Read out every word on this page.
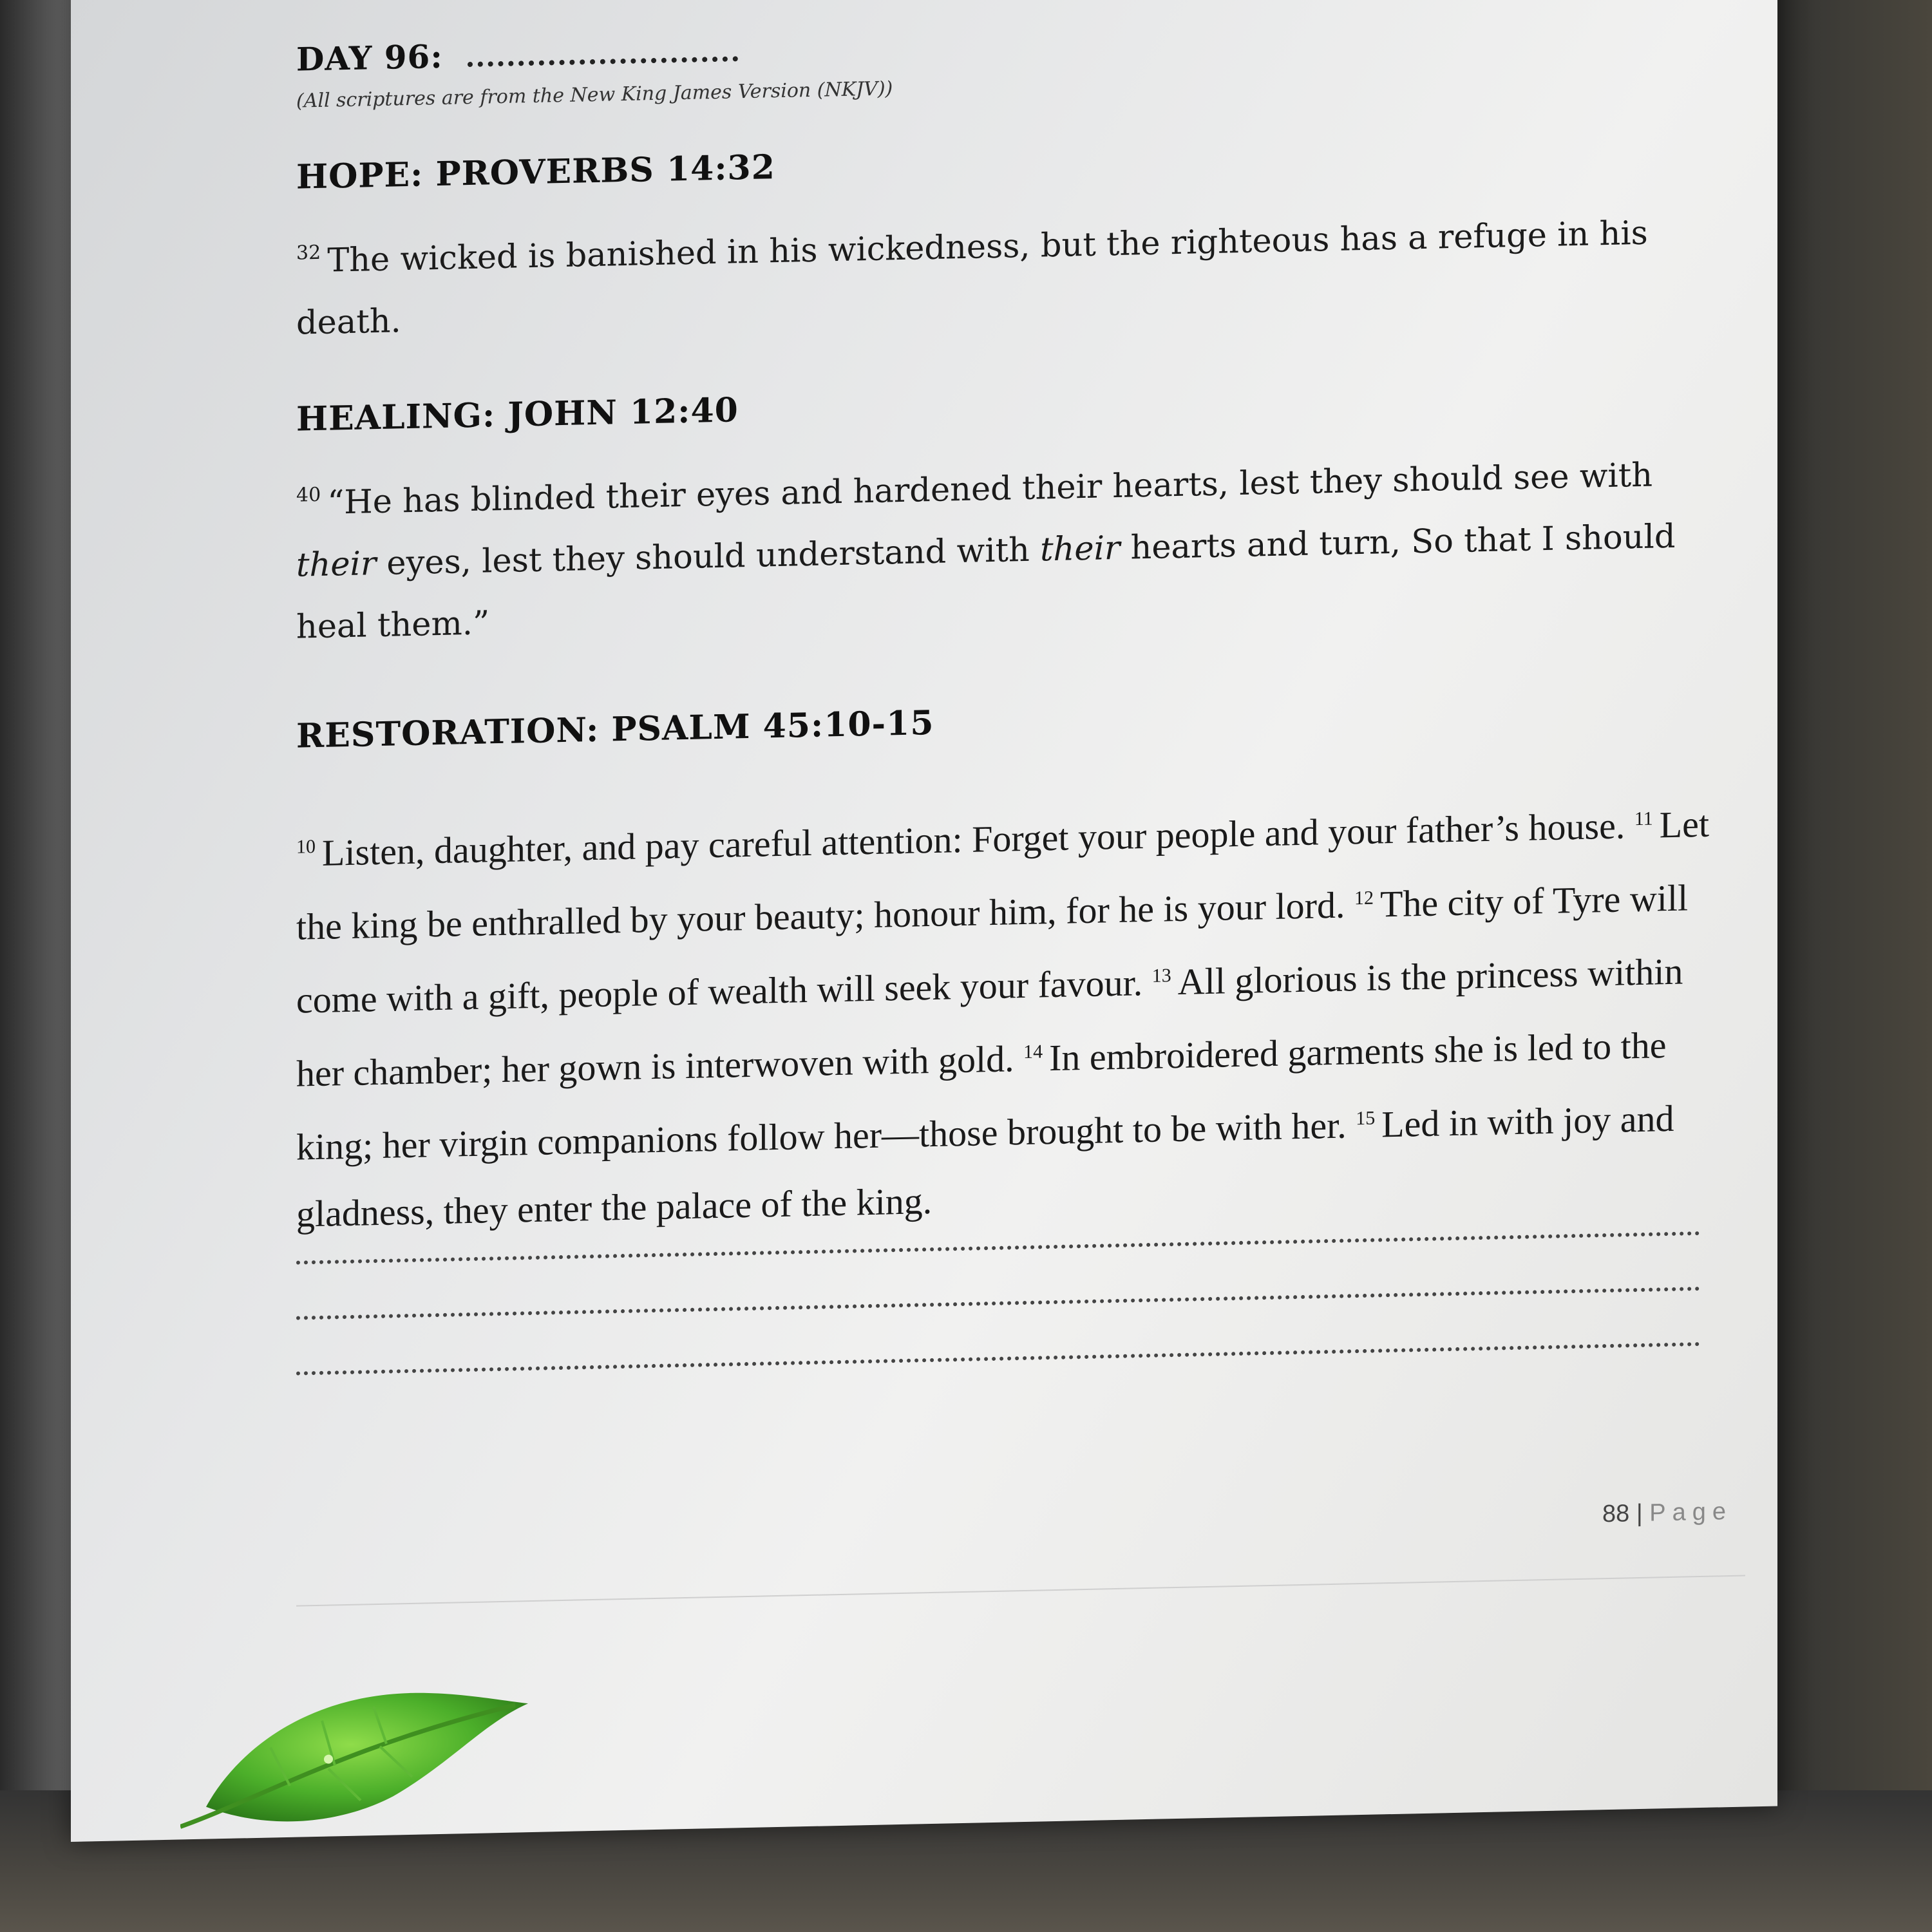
DAY 96:
(All scriptures are from the New King James Version (NKJV))
HOPE: PROVERBS 14:32
$^{32}$ The wicked is banished in his wickedness, but the righteous has a refuge in his death.
HEALING: JOHN 12:40
$^{40}$ “He has blinded their eyes and hardened their hearts, lest they should see with their eyes, lest they should understand with their hearts and turn, So that I should heal them.”
RESTORATION: PSALM 45:10-15
$^{10}$ Listen, daughter, and pay careful attention: Forget your people and your father’s house. $^{11}$ Let the king be enthralled by your beauty; honour him, for he is your lord. $^{12}$ The city of Tyre will come with a gift, people of wealth will seek your favour. $^{13}$ All glorious is the princess within her chamber; her gown is interwoven with gold. $^{14}$ In embroidered garments she is led to the king; her virgin companions follow her—those brought to be with her. $^{15}$ Led in with joy and gladness, they enter the palace of the king.
88 | Page
